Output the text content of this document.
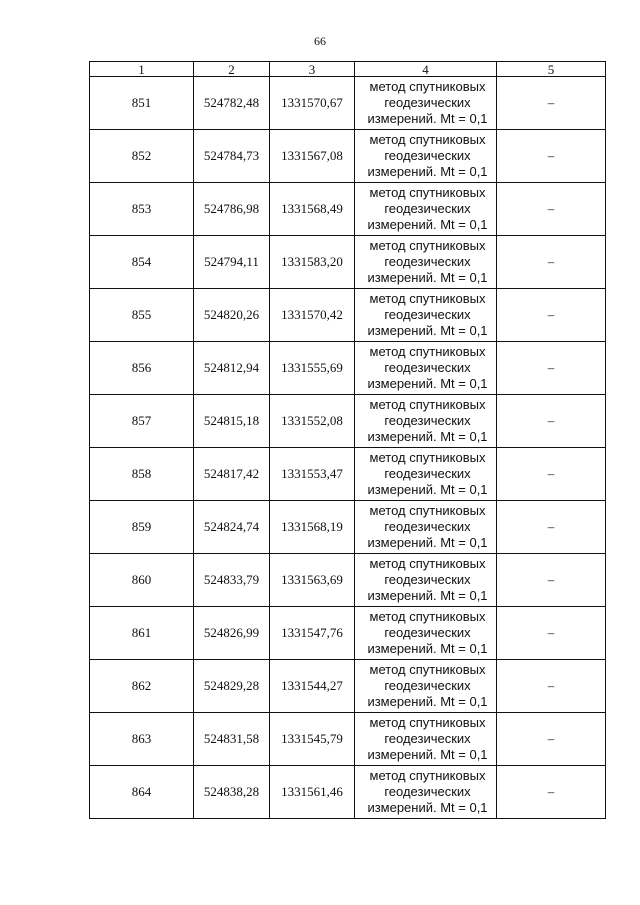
66
1	2	3	4	5
851	524782,48	1331570,67	метод спутниковых
геодезических
измерений. Mt = 0,1	–
852	524784,73	1331567,08	метод спутниковых
геодезических
измерений. Mt = 0,1	–
853	524786,98	1331568,49	метод спутниковых
геодезических
измерений. Mt = 0,1	–
854	524794,11	1331583,20	метод спутниковых
геодезических
измерений. Mt = 0,1	–
855	524820,26	1331570,42	метод спутниковых
геодезических
измерений. Mt = 0,1	–
856	524812,94	1331555,69	метод спутниковых
геодезических
измерений. Mt = 0,1	–
857	524815,18	1331552,08	метод спутниковых
геодезических
измерений. Mt = 0,1	–
858	524817,42	1331553,47	метод спутниковых
геодезических
измерений. Mt = 0,1	–
859	524824,74	1331568,19	метод спутниковых
геодезических
измерений. Mt = 0,1	–
860	524833,79	1331563,69	метод спутниковых
геодезических
измерений. Mt = 0,1	–
861	524826,99	1331547,76	метод спутниковых
геодезических
измерений. Mt = 0,1	–
862	524829,28	1331544,27	метод спутниковых
геодезических
измерений. Mt = 0,1	–
863	524831,58	1331545,79	метод спутниковых
геодезических
измерений. Mt = 0,1	–
864	524838,28	1331561,46	метод спутниковых
геодезических
измерений. Mt = 0,1	–
